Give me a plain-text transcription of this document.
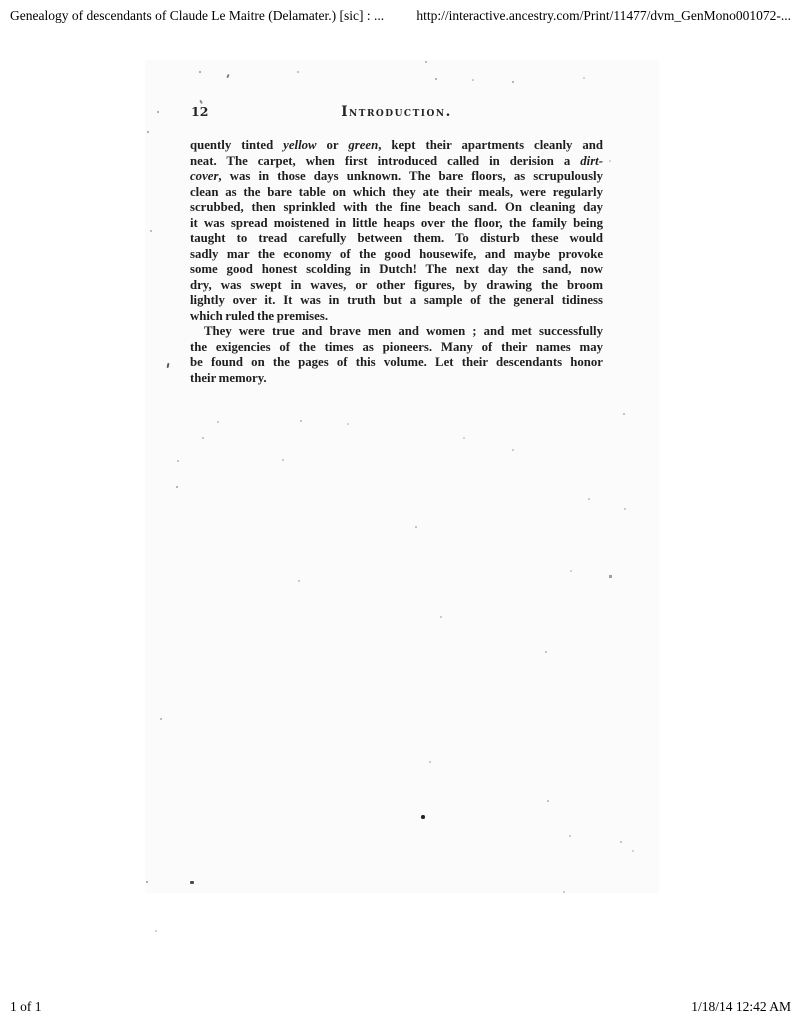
Genealogy of descendants of Claude Le Maitre (Delamater.) [sic] : ... http://interactive.ancestry.com/Print/11477/dvm_GenMono001072-...
12	Introduction.
quently tinted yellow or green, kept their apartments cleanly and
neat. The carpet, when first introduced called in derision a dirt-
cover, was in those days unknown. The bare floors, as scrupulously
clean as the bare table on which they ate their meals, were regularly
scrubbed, then sprinkled with the fine beach sand. On cleaning day
it was spread moistened in little heaps over the floor, the family being
taught to tread carefully between them. To disturb these would
sadly mar the economy of the good housewife, and maybe provoke
some good honest scolding in Dutch! The next day the sand, now
dry, was swept in waves, or other figures, by drawing the broom
lightly over it. It was in truth but a sample of the general tidiness
which ruled the premises.
They were true and brave men and women ; and met successfully
the exigencies of the times as pioneers. Many of their names may
be found on the pages of this volume. Let their descendants honor
their memory.
1 of 1	1/18/14 12:42 AM
